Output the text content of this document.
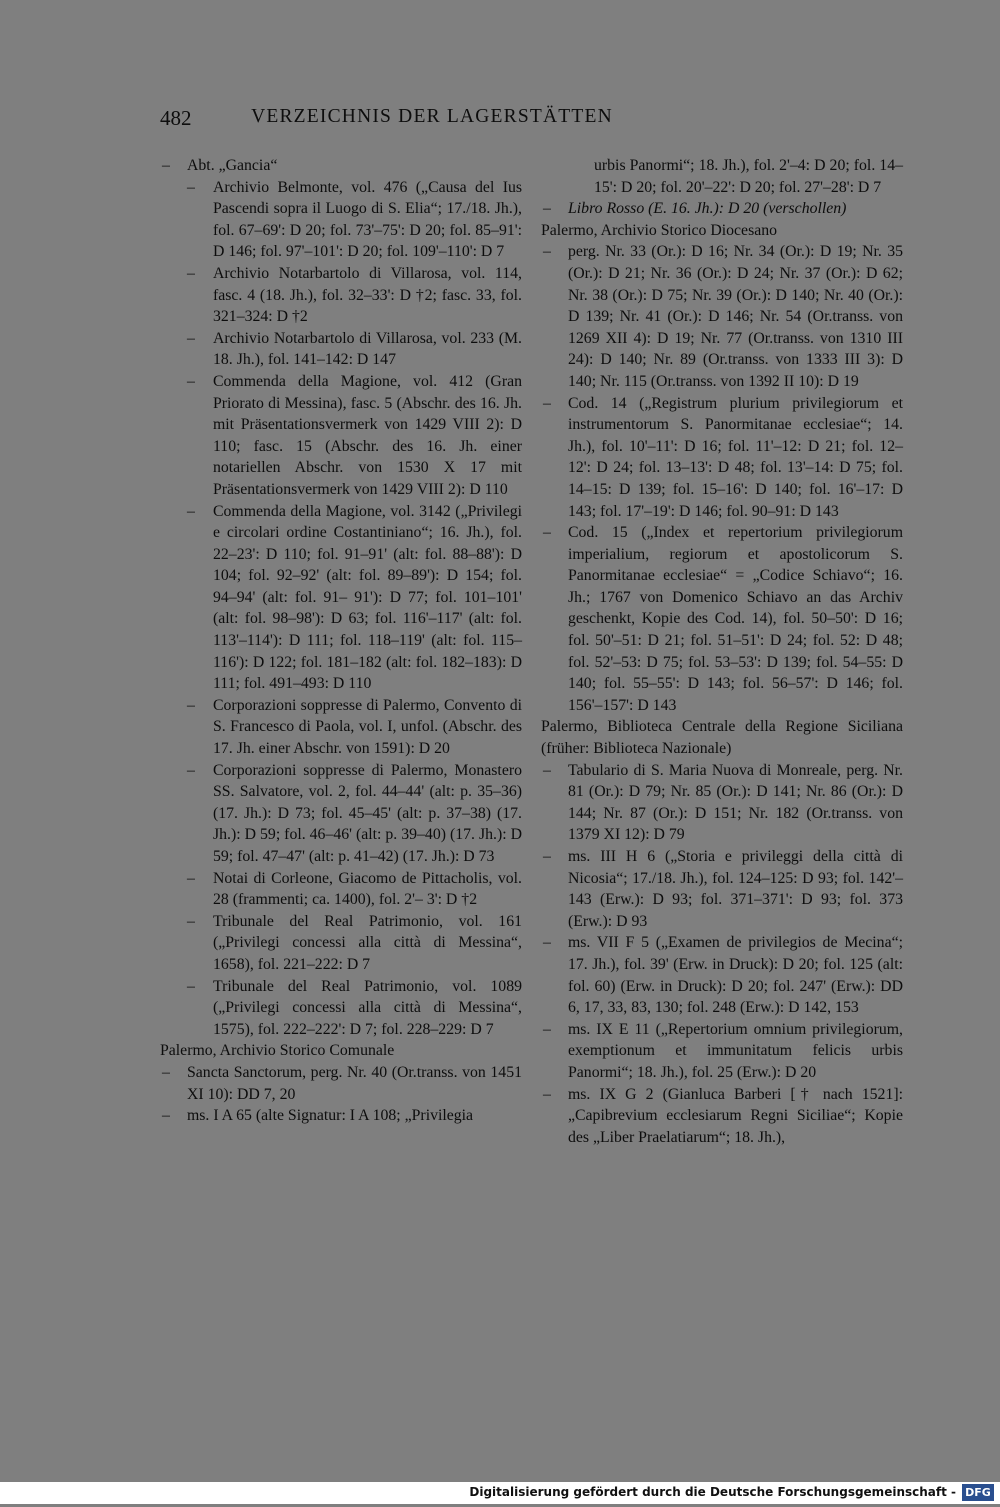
482	VERZEICHNIS DER LAGERSTÄTTEN

– Abt. „Gancia“

– Archivio Belmonte, vol. 476 („Causa del Ius Pascendi sopra il Luogo di S. Elia“; 17./18. Jh.), fol. 67–69': D 20; fol. 73'–75': D 20; fol. 85–91': D 146; fol. 97'–101': D 20; fol. 109'–110': D 7

– Archivio Notarbartolo di Villarosa, vol. 114, fasc. 4 (18. Jh.), fol. 32–33': D †2; fasc. 33, fol. 321–324: D †2

– Archivio Notarbartolo di Villarosa, vol. 233 (M. 18. Jh.), fol. 141–142: D 147

– Commenda della Magione, vol. 412 (Gran Priorato di Messina), fasc. 5 (Abschr. des 16. Jh. mit Präsentationsvermerk von 1429 VIII 2): D 110; fasc. 15 (Abschr. des 16. Jh. einer notariellen Abschr. von 1530 X 17 mit Präsentationsvermerk von 1429 VIII 2): D 110

– Commenda della Magione, vol. 3142 („Privilegi e circolari ordine Costantiniano“; 16. Jh.), fol. 22–23': D 110; fol. 91–91' (alt: fol. 88–88'): D 104; fol. 92–92' (alt: fol. 89–89'): D 154; fol. 94–94' (alt: fol. 91– 91'): D 77; fol. 101–101' (alt: fol. 98–98'): D 63; fol. 116'–117' (alt: fol. 113'–114'): D 111; fol. 118–119' (alt: fol. 115–116'): D 122; fol. 181–182 (alt: fol. 182–183): D 111; fol. 491–493: D 110

– Corporazioni soppresse di Palermo, Convento di S. Francesco di Paola, vol. I, unfol. (Abschr. des 17. Jh. einer Abschr. von 1591): D 20

– Corporazioni soppresse di Palermo, Monastero SS. Salvatore, vol. 2, fol. 44–44' (alt: p. 35–36) (17. Jh.): D 73; fol. 45–45' (alt: p. 37–38) (17. Jh.): D 59; fol. 46–46' (alt: p. 39–40) (17. Jh.): D 59; fol. 47–47' (alt: p. 41–42) (17. Jh.): D 73

– Notai di Corleone, Giacomo de Pittacholis, vol. 28 (frammenti; ca. 1400), fol. 2'– 3': D †2

– Tribunale del Real Patrimonio, vol. 161 („Privilegi concessi alla città di Messina“, 1658), fol. 221–222: D 7

– Tribunale del Real Patrimonio, vol. 1089 („Privilegi concessi alla città di Messina“, 1575), fol. 222–222': D 7; fol. 228–229: D 7

Palermo, Archivio Storico Comunale

– Sancta Sanctorum, perg. Nr. 40 (Or.transs. von 1451 XI 10): DD 7, 20

– ms. I A 65 (alte Signatur: I A 108; „Privilegia

urbis Panormi“; 18. Jh.), fol. 2'–4: D 20; fol. 14–15': D 20; fol. 20'–22': D 20; fol. 27'–28': D 7

– Libro Rosso (E. 16. Jh.): D 20 (verschollen)

Palermo, Archivio Storico Diocesano

– perg. Nr. 33 (Or.): D 16; Nr. 34 (Or.): D 19; Nr. 35 (Or.): D 21; Nr. 36 (Or.): D 24; Nr. 37 (Or.): D 62; Nr. 38 (Or.): D 75; Nr. 39 (Or.): D 140; Nr. 40 (Or.): D 139; Nr. 41 (Or.): D 146; Nr. 54 (Or.transs. von 1269 XII 4): D 19; Nr. 77 (Or.transs. von 1310 III 24): D 140; Nr. 89 (Or.transs. von 1333 III 3): D 140; Nr. 115 (Or.transs. von 1392 II 10): D 19

– Cod. 14 („Registrum plurium privilegiorum et instrumentorum S. Panormitanae ecclesiae“; 14. Jh.), fol. 10'–11': D 16; fol. 11'–12: D 21; fol. 12–12': D 24; fol. 13–13': D 48; fol. 13'–14: D 75; fol. 14–15: D 139; fol. 15–16': D 140; fol. 16'–17: D 143; fol. 17'–19': D 146; fol. 90–91: D 143

– Cod. 15 („Index et repertorium privilegiorum imperialium, regiorum et apostolicorum S. Panormitanae ecclesiae“ = „Codice Schiavo“; 16. Jh.; 1767 von Domenico Schiavo an das Archiv geschenkt, Kopie des Cod. 14), fol. 50–50': D 16; fol. 50'–51: D 21; fol. 51–51': D 24; fol. 52: D 48; fol. 52'–53: D 75; fol. 53–53': D 139; fol. 54–55: D 140; fol. 55–55': D 143; fol. 56–57': D 146; fol. 156'–157': D 143

Palermo, Biblioteca Centrale della Regione Siciliana (früher: Biblioteca Nazionale)

– Tabulario di S. Maria Nuova di Monreale, perg. Nr. 81 (Or.): D 79; Nr. 85 (Or.): D 141; Nr. 86 (Or.): D 144; Nr. 87 (Or.): D 151; Nr. 182 (Or.transs. von 1379 XI 12): D 79

– ms. III H 6 („Storia e privileggi della città di Nicosia“; 17./18. Jh.), fol. 124–125: D 93; fol. 142'–143 (Erw.): D 93; fol. 371–371': D 93; fol. 373 (Erw.): D 93

– ms. VII F 5 („Examen de privilegios de Mecina“; 17. Jh.), fol. 39' (Erw. in Druck): D 20; fol. 125 (alt: fol. 60) (Erw. in Druck): D 20; fol. 247' (Erw.): DD 6, 17, 33, 83, 130; fol. 248 (Erw.): D 142, 153

– ms. IX E 11 („Repertorium omnium privilegiorum, exemptionum et immunitatum felicis urbis Panormi“; 18. Jh.), fol. 25 (Erw.): D 20

– ms. IX G 2 (Gianluca Barberi [† nach 1521]: „Capibrevium ecclesiarum Regni Siciliae“; Kopie des „Liber Praelatiarum“; 18. Jh.),

Digitalisierung gefördert durch die Deutsche Forschungsgemeinschaft - DFG
